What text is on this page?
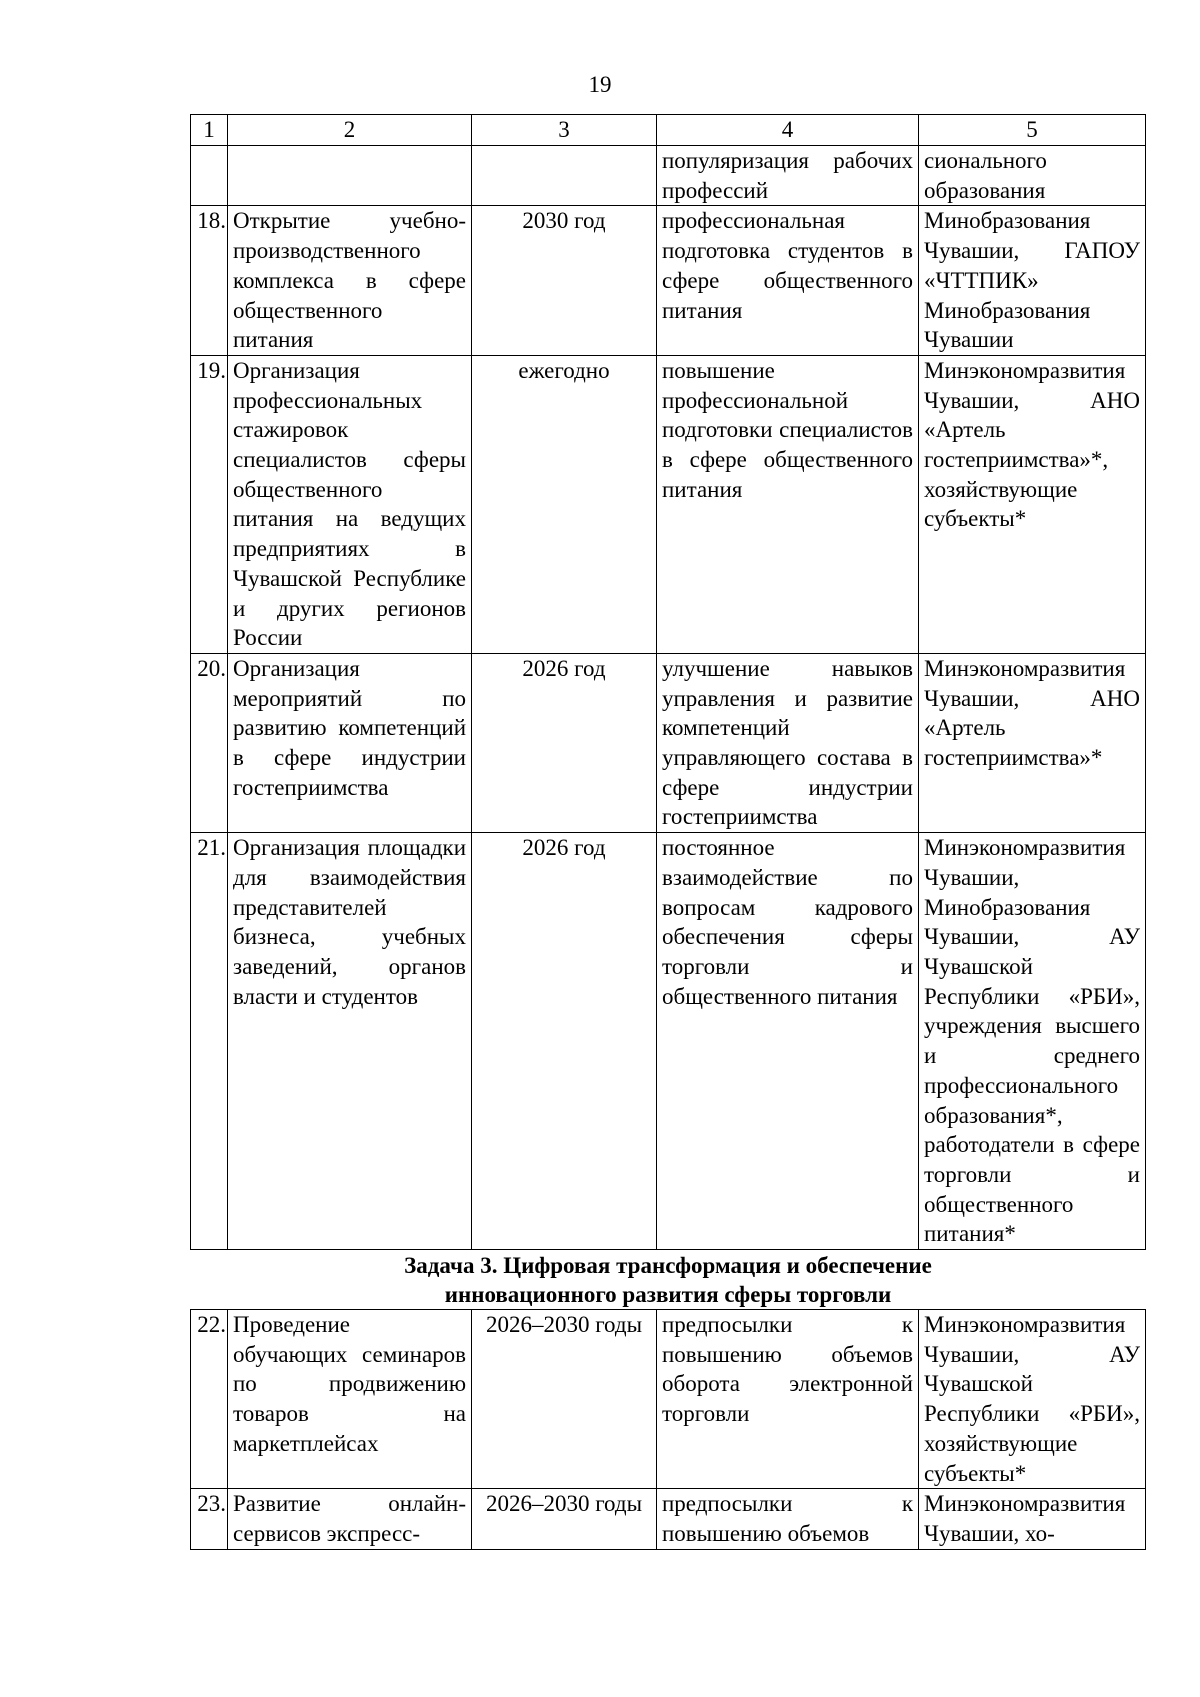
19
1	2	3	4	5
			популяризация рабочих профессий	сионального образования
18.	Открытие учебно-производственного комплекса в сфере общественного питания	2030 год	профессиональная подготовка студентов в сфере общественного питания	Минобразования Чувашии, ГАПОУ «ЧТТПИК» Минобразования Чувашии
19.	Организация профессиональных стажировок специалистов сферы общественного питания на ведущих предприятиях в Чувашской Республике и других регионов России	ежегодно	повышение профессиональной подготовки специалистов в сфере общественного питания	Минэкономразвития Чувашии, АНО «Артель гостеприимства»*, хозяйствующие субъекты*
20.	Организация мероприятий по развитию компетенций в сфере индустрии гостеприимства	2026 год	улучшение навыков управления и развитие компетенций управляющего состава в сфере индустрии гостеприимства	Минэкономразвития Чувашии, АНО «Артель гостеприимства»*
21.	Организация площадки для взаимодействия представителей бизнеса, учебных заведений, органов власти и студентов	2026 год	постоянное взаимодействие по вопросам кадрового обеспечения сферы торговли и общественного питания	Минэкономразвития Чувашии, Минобразования Чувашии, АУ Чувашской Республики «РБИ», учреждения высшего и среднего профессионального образования*, работодатели в сфере торговли и общественного питания*

Задача 3. Цифровая трансформация и обеспечение
инновационного развития сферы торговли				

22.	Проведение обучающих семинаров по продвижению товаров на маркетплейсах	2026–2030 годы	предпосылки к повышению объемов оборота электронной торговли	Минэкономразвития Чувашии, АУ Чувашской Республики «РБИ», хозяйствующие субъекты*
23.	Развитие онлайн-сервисов экспресс-	2026–2030 годы	предпосылки к повышению объемов	Минэкономразвития Чувашии, хо-
